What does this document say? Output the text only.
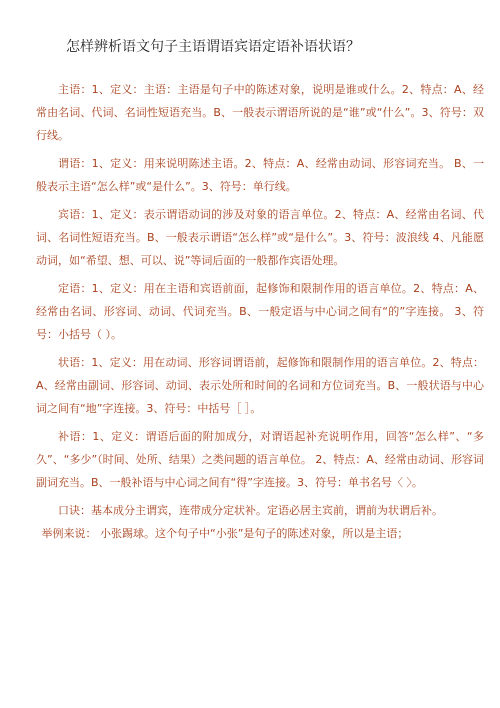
怎样辨析语文句子主语谓语宾语定语补语状语？

主语：1、定义：主语：主语是句子中的陈述对象，说明是谁或什么。2、特点：A、经常由名词、代词、名词性短语充当。B、一般表示谓语所说的是“谁”或“什么”。3、符号：双行线。

谓语：1、定义：用来说明陈述主语。2、特点：A、经常由动词、形容词充当。 B、一般表示主语“怎么样”或“是什么”。3、符号：单行线。

宾语：1、定义：表示谓语动词的涉及对象的语言单位。2、特点：A、经常由名词、代词、名词性短语充当。B、一般表示谓语“怎么样”或“是什么”。3、符号：波浪线 4、凡能愿动词，如“希望、想、可以、说”等词后面的一般都作宾语处理。

定语：1、定义：用在主语和宾语前面，起修饰和限制作用的语言单位。2、特点：A、经常由名词、形容词、动词、代词充当。B、一般定语与中心词之间有“的”字连接。 3、符号：小括号（ ）。

状语：1、定义：用在动词、形容词谓语前，起修饰和限制作用的语言单位。2、特点：A、经常由副词、形容词、动词、表示处所和时间的名词和方位词充当。B、一般状语与中心词之间有“地”字连接。3、符号：中括号［ ］。

补语：1、定义：谓语后面的附加成分，对谓语起补充说明作用，回答“怎么样”、“多久”、“多少”（时间、处所、结果）之类问题的语言单位。 2、特点：A、经常由动词、形容词副词充当。B、一般补语与中心词之间有“得”字连接。3、符号：单书名号〈 〉。

口诀：基本成分主谓宾，连带成分定状补。定语必居主宾前，谓前为状谓后补。

举例来说： 小张踢球。这个句子中“小张”是句子的陈述对象，所以是主语；
